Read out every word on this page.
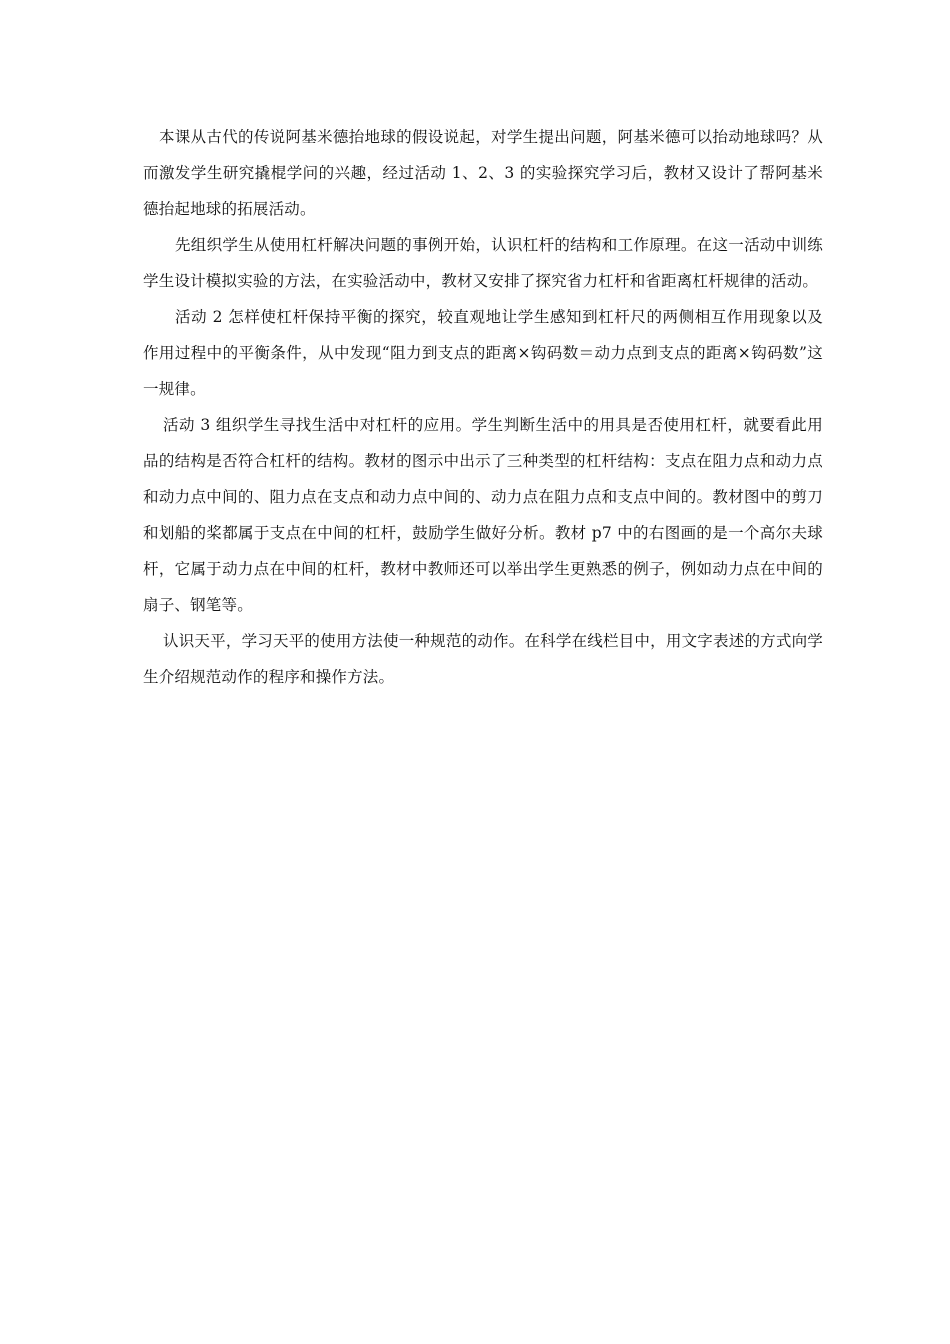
本课从古代的传说阿基米德抬地球的假设说起，对学生提出问题，阿基米德可以抬动地球吗？从而激发学生研究撬棍学问的兴趣，经过活动 1、2、3 的实验探究学习后，教材又设计了帮阿基米德抬起地球的拓展活动。

先组织学生从使用杠杆解决问题的事例开始，认识杠杆的结构和工作原理。在这一活动中训练学生设计模拟实验的方法，在实验活动中，教材又安排了探究省力杠杆和省距离杠杆规律的活动。

活动 2 怎样使杠杆保持平衡的探究，较直观地让学生感知到杠杆尺的两侧相互作用现象以及作用过程中的平衡条件，从中发现“阻力到支点的距离×钩码数＝动力点到支点的距离×钩码数”这一规律。

活动 3 组织学生寻找生活中对杠杆的应用。学生判断生活中的用具是否使用杠杆，就要看此用品的结构是否符合杠杆的结构。教材的图示中出示了三种类型的杠杆结构：支点在阻力点和动力点和动力点中间的、阻力点在支点和动力点中间的、动力点在阻力点和支点中间的。教材图中的剪刀和划船的桨都属于支点在中间的杠杆，鼓励学生做好分析。教材 p7 中的右图画的是一个高尔夫球杆，它属于动力点在中间的杠杆，教材中教师还可以举出学生更熟悉的例子，例如动力点在中间的扇子、钢笔等。

认识天平，学习天平的使用方法使一种规范的动作。在科学在线栏目中，用文字表述的方式向学生介绍规范动作的程序和操作方法。
